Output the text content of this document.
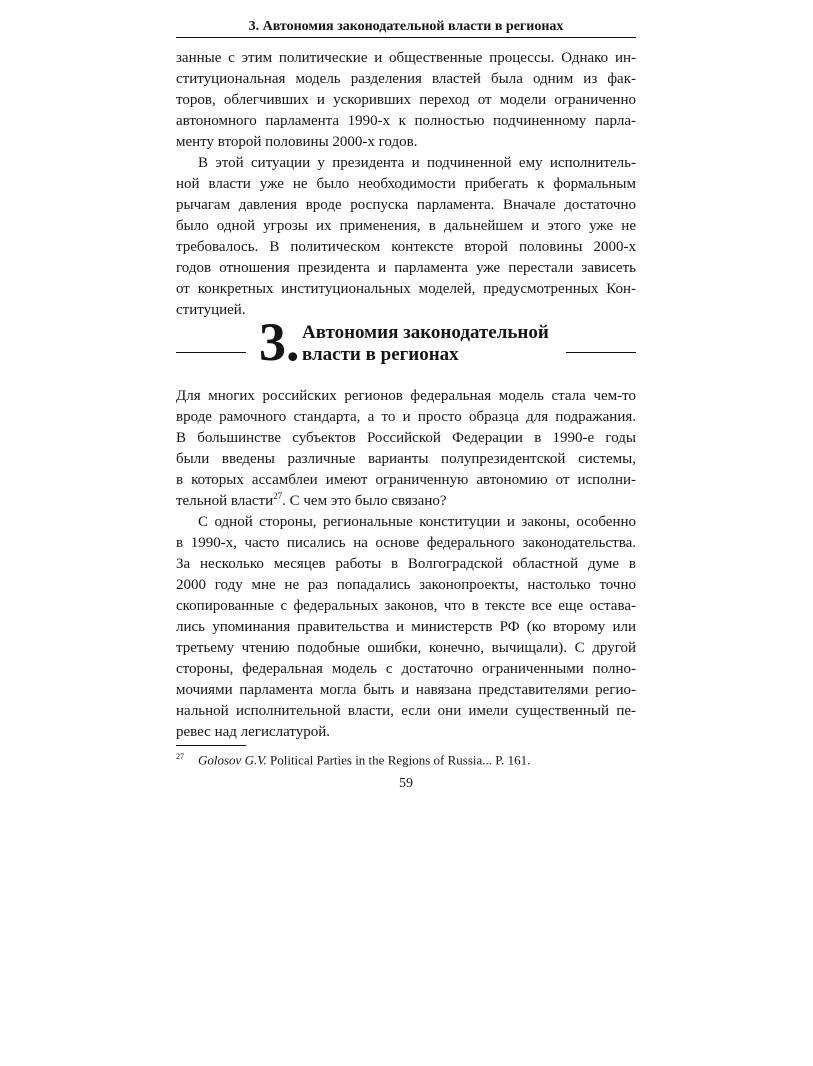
3. Автономия законодательной власти в регионах
занные с этим политические и общественные процессы. Однако ин-
ституциональная модель разделения властей была одним из фак-
торов, облегчивших и ускоривших переход от модели ограниченно
автономного парламента 1990-х к полностью подчиненному парла-
менту второй половины 2000-х годов.
В этой ситуации у президента и подчиненной ему исполнитель-
ной власти уже не было необходимости прибегать к формальным
рычагам давления вроде роспуска парламента. Вначале достаточно
было одной угрозы их применения, в дальнейшем и этого уже не
требовалось. В политическом контексте второй половины 2000-х
годов отношения президента и парламента уже перестали зависеть
от конкретных институциональных моделей, предусмотренных Кон-
ституцией.
3. Автономия законодательной
власти в регионах
Для многих российских регионов федеральная модель стала чем-то
вроде рамочного стандарта, а то и просто образца для подражания.
В большинстве субъектов Российской Федерации в 1990-е годы
были введены различные варианты полупрезидентской системы,
в которых ассамблеи имеют ограниченную автономию от исполни-
тельной власти$^{27}$. С чем это было связано?
С одной стороны, региональные конституции и законы, особенно
в 1990-х, часто писались на основе федерального законодательства.
За несколько месяцев работы в Волгоградской областной думе в
2000 году мне не раз попадались законопроекты, настолько точно
скопированные с федеральных законов, что в тексте все еще остава-
лись упоминания правительства и министерств РФ (ко второму или
третьему чтению подобные ошибки, конечно, вычищали). С другой
стороны, федеральная модель с достаточно ограниченными полно-
мочиями парламента могла быть и навязана представителями регио-
нальной исполнительной власти, если они имели существенный пе-
ревес над легислатурой.
$^{27}$ Golosov G.V. Political Parties in the Regions of Russia... P. 161.
59
